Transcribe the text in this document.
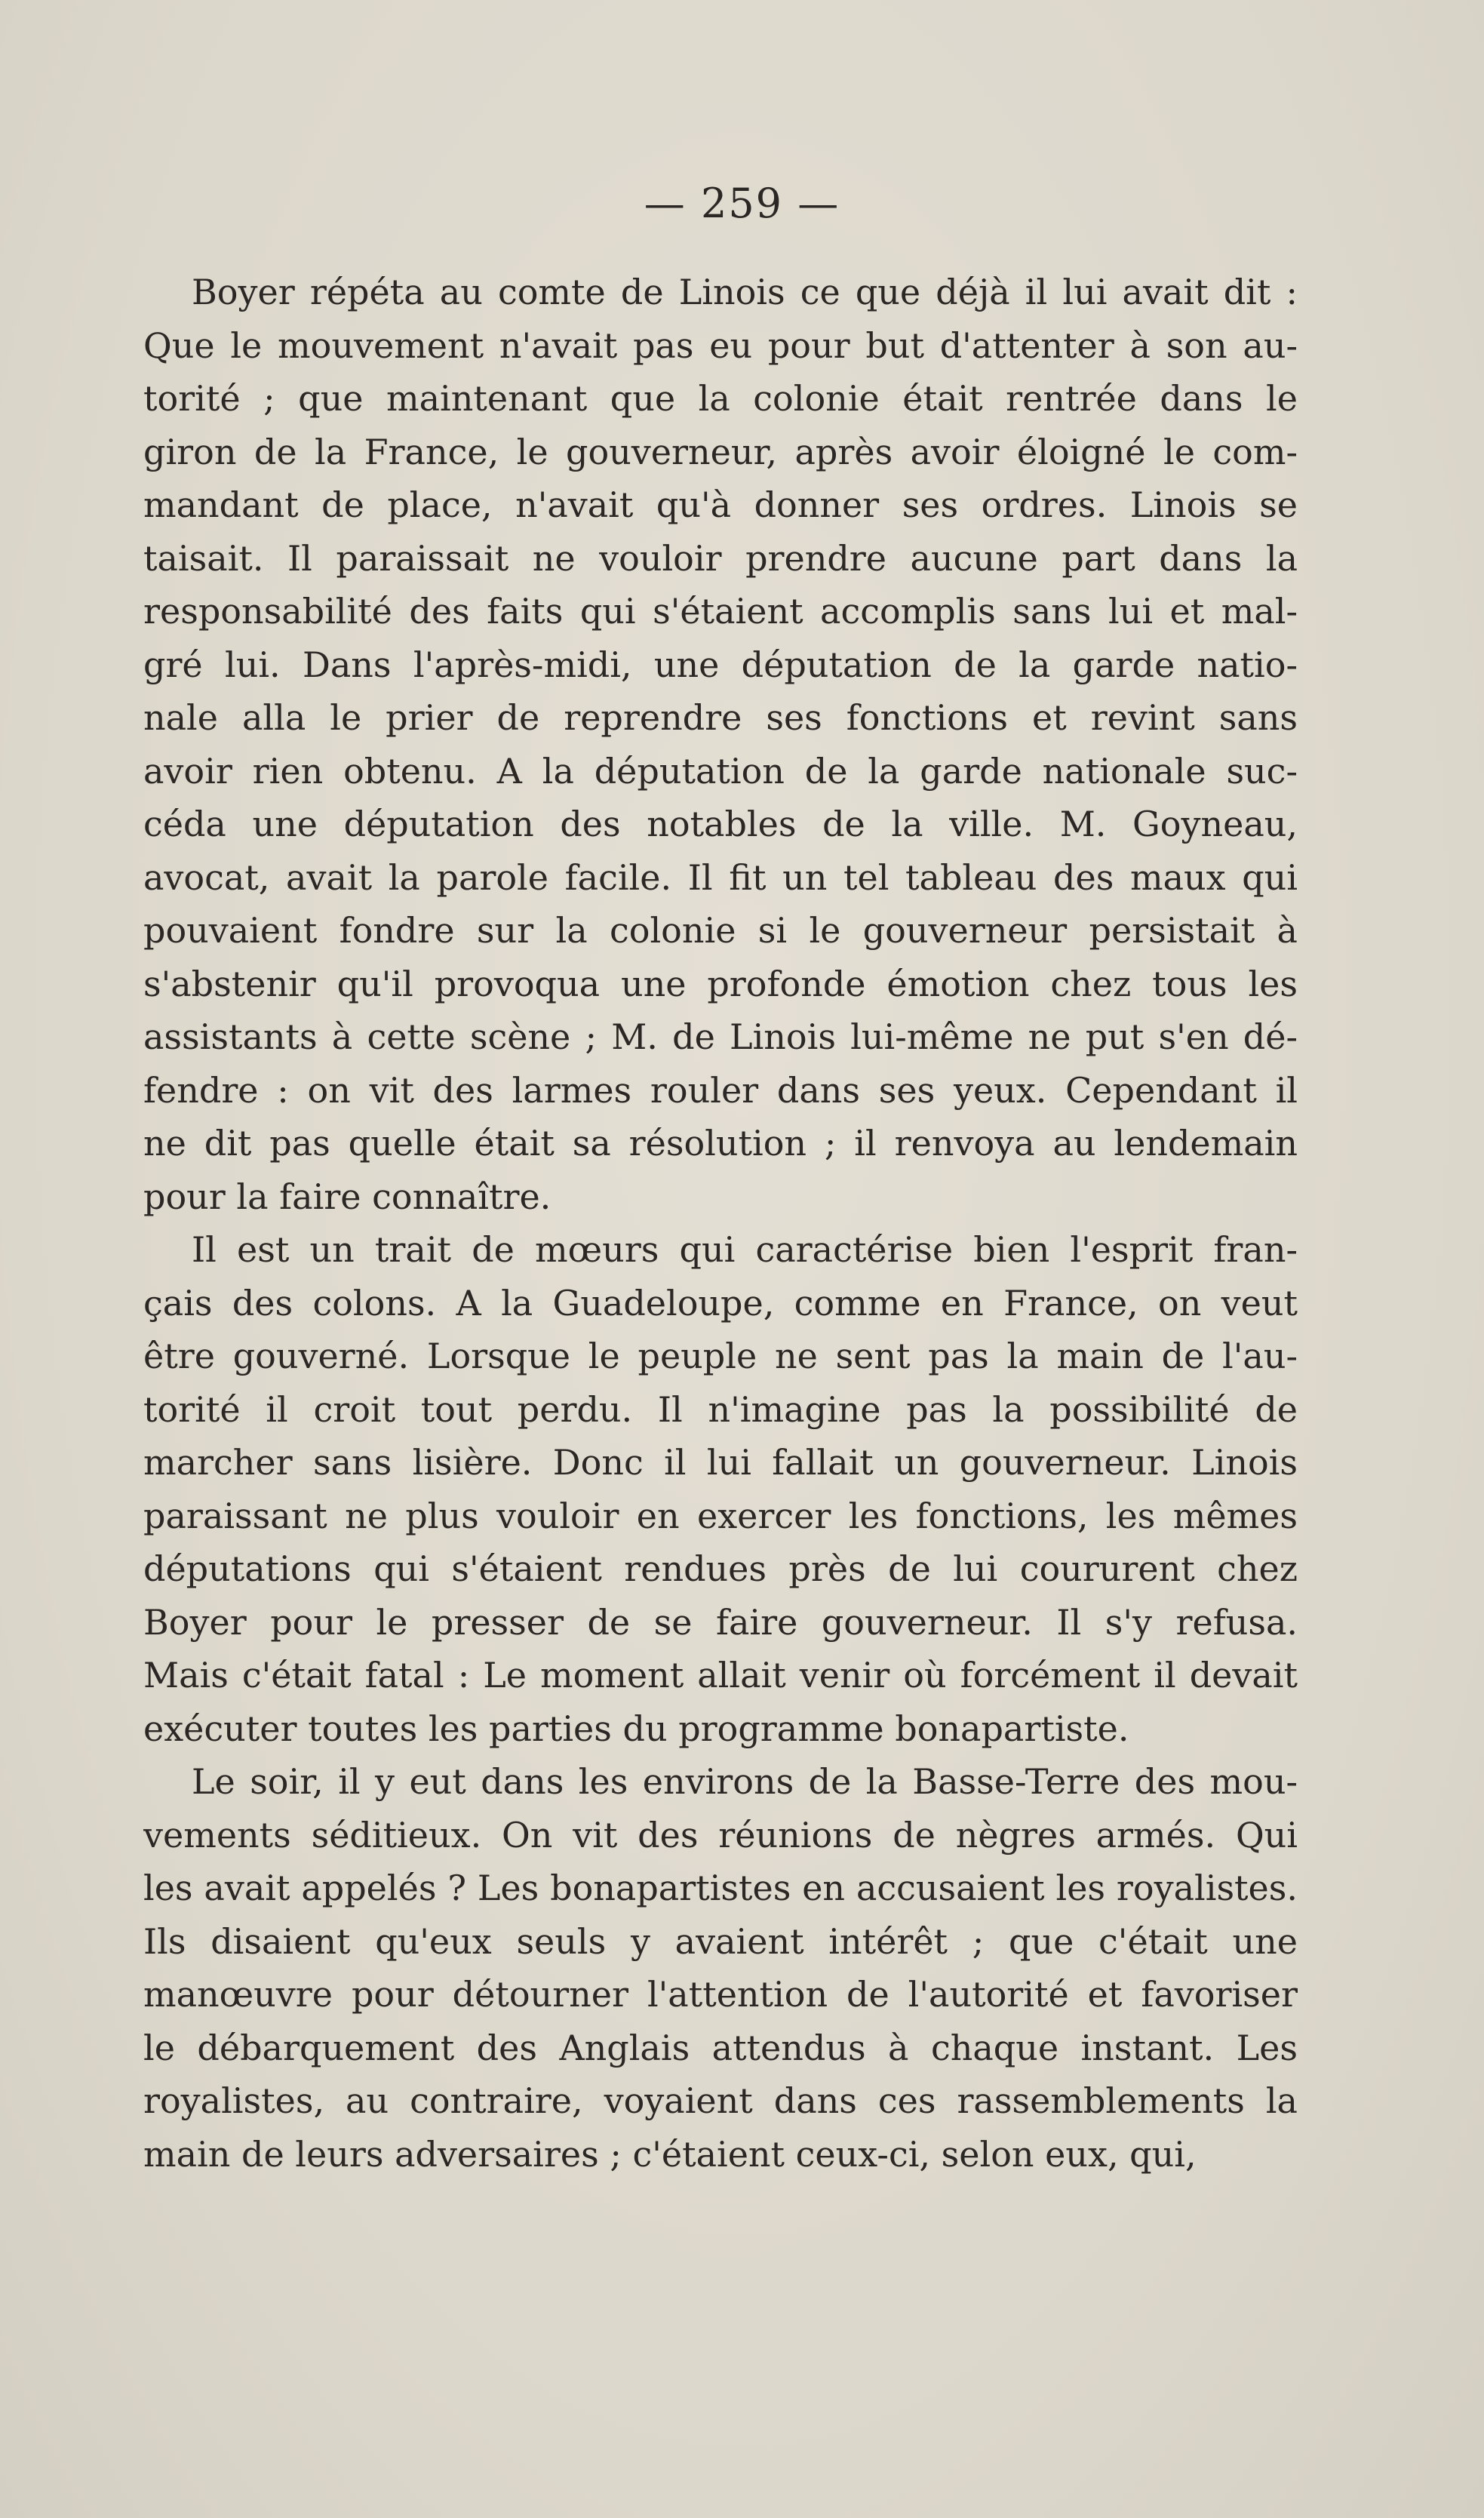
— 259 —
Boyer répéta au comte de Linois ce que déjà il lui avait dit :
Que le mouvement n'avait pas eu pour but d'attenter à son au-
torité ; que maintenant que la colonie était rentrée dans le
giron de la France, le gouverneur, après avoir éloigné le com-
mandant de place, n'avait qu'à donner ses ordres. Linois se
taisait. Il paraissait ne vouloir prendre aucune part dans la
responsabilité des faits qui s'étaient accomplis sans lui et mal-
gré lui. Dans l'après-midi, une députation de la garde natio-
nale alla le prier de reprendre ses fonctions et revint sans
avoir rien obtenu. A la députation de la garde nationale suc-
céda une députation des notables de la ville. M. Goyneau,
avocat, avait la parole facile. Il fit un tel tableau des maux qui
pouvaient fondre sur la colonie si le gouverneur persistait à
s'abstenir qu'il provoqua une profonde émotion chez tous les
assistants à cette scène ; M. de Linois lui-même ne put s'en dé-
fendre : on vit des larmes rouler dans ses yeux. Cependant il
ne dit pas quelle était sa résolution ; il renvoya au lendemain
pour la faire connaître.
Il est un trait de mœurs qui caractérise bien l'esprit fran-
çais des colons. A la Guadeloupe, comme en France, on veut
être gouverné. Lorsque le peuple ne sent pas la main de l'au-
torité il croit tout perdu. Il n'imagine pas la possibilité de
marcher sans lisière. Donc il lui fallait un gouverneur. Linois
paraissant ne plus vouloir en exercer les fonctions, les mêmes
députations qui s'étaient rendues près de lui coururent chez
Boyer pour le presser de se faire gouverneur. Il s'y refusa.
Mais c'était fatal : Le moment allait venir où forcément il devait
exécuter toutes les parties du programme bonapartiste.
Le soir, il y eut dans les environs de la Basse-Terre des mou-
vements séditieux. On vit des réunions de nègres armés. Qui
les avait appelés ? Les bonapartistes en accusaient les royalistes.
Ils disaient qu'eux seuls y avaient intérêt ; que c'était une
manœuvre pour détourner l'attention de l'autorité et favoriser
le débarquement des Anglais attendus à chaque instant. Les
royalistes, au contraire, voyaient dans ces rassemblements la
main de leurs adversaires ; c'étaient ceux-ci, selon eux, qui,
